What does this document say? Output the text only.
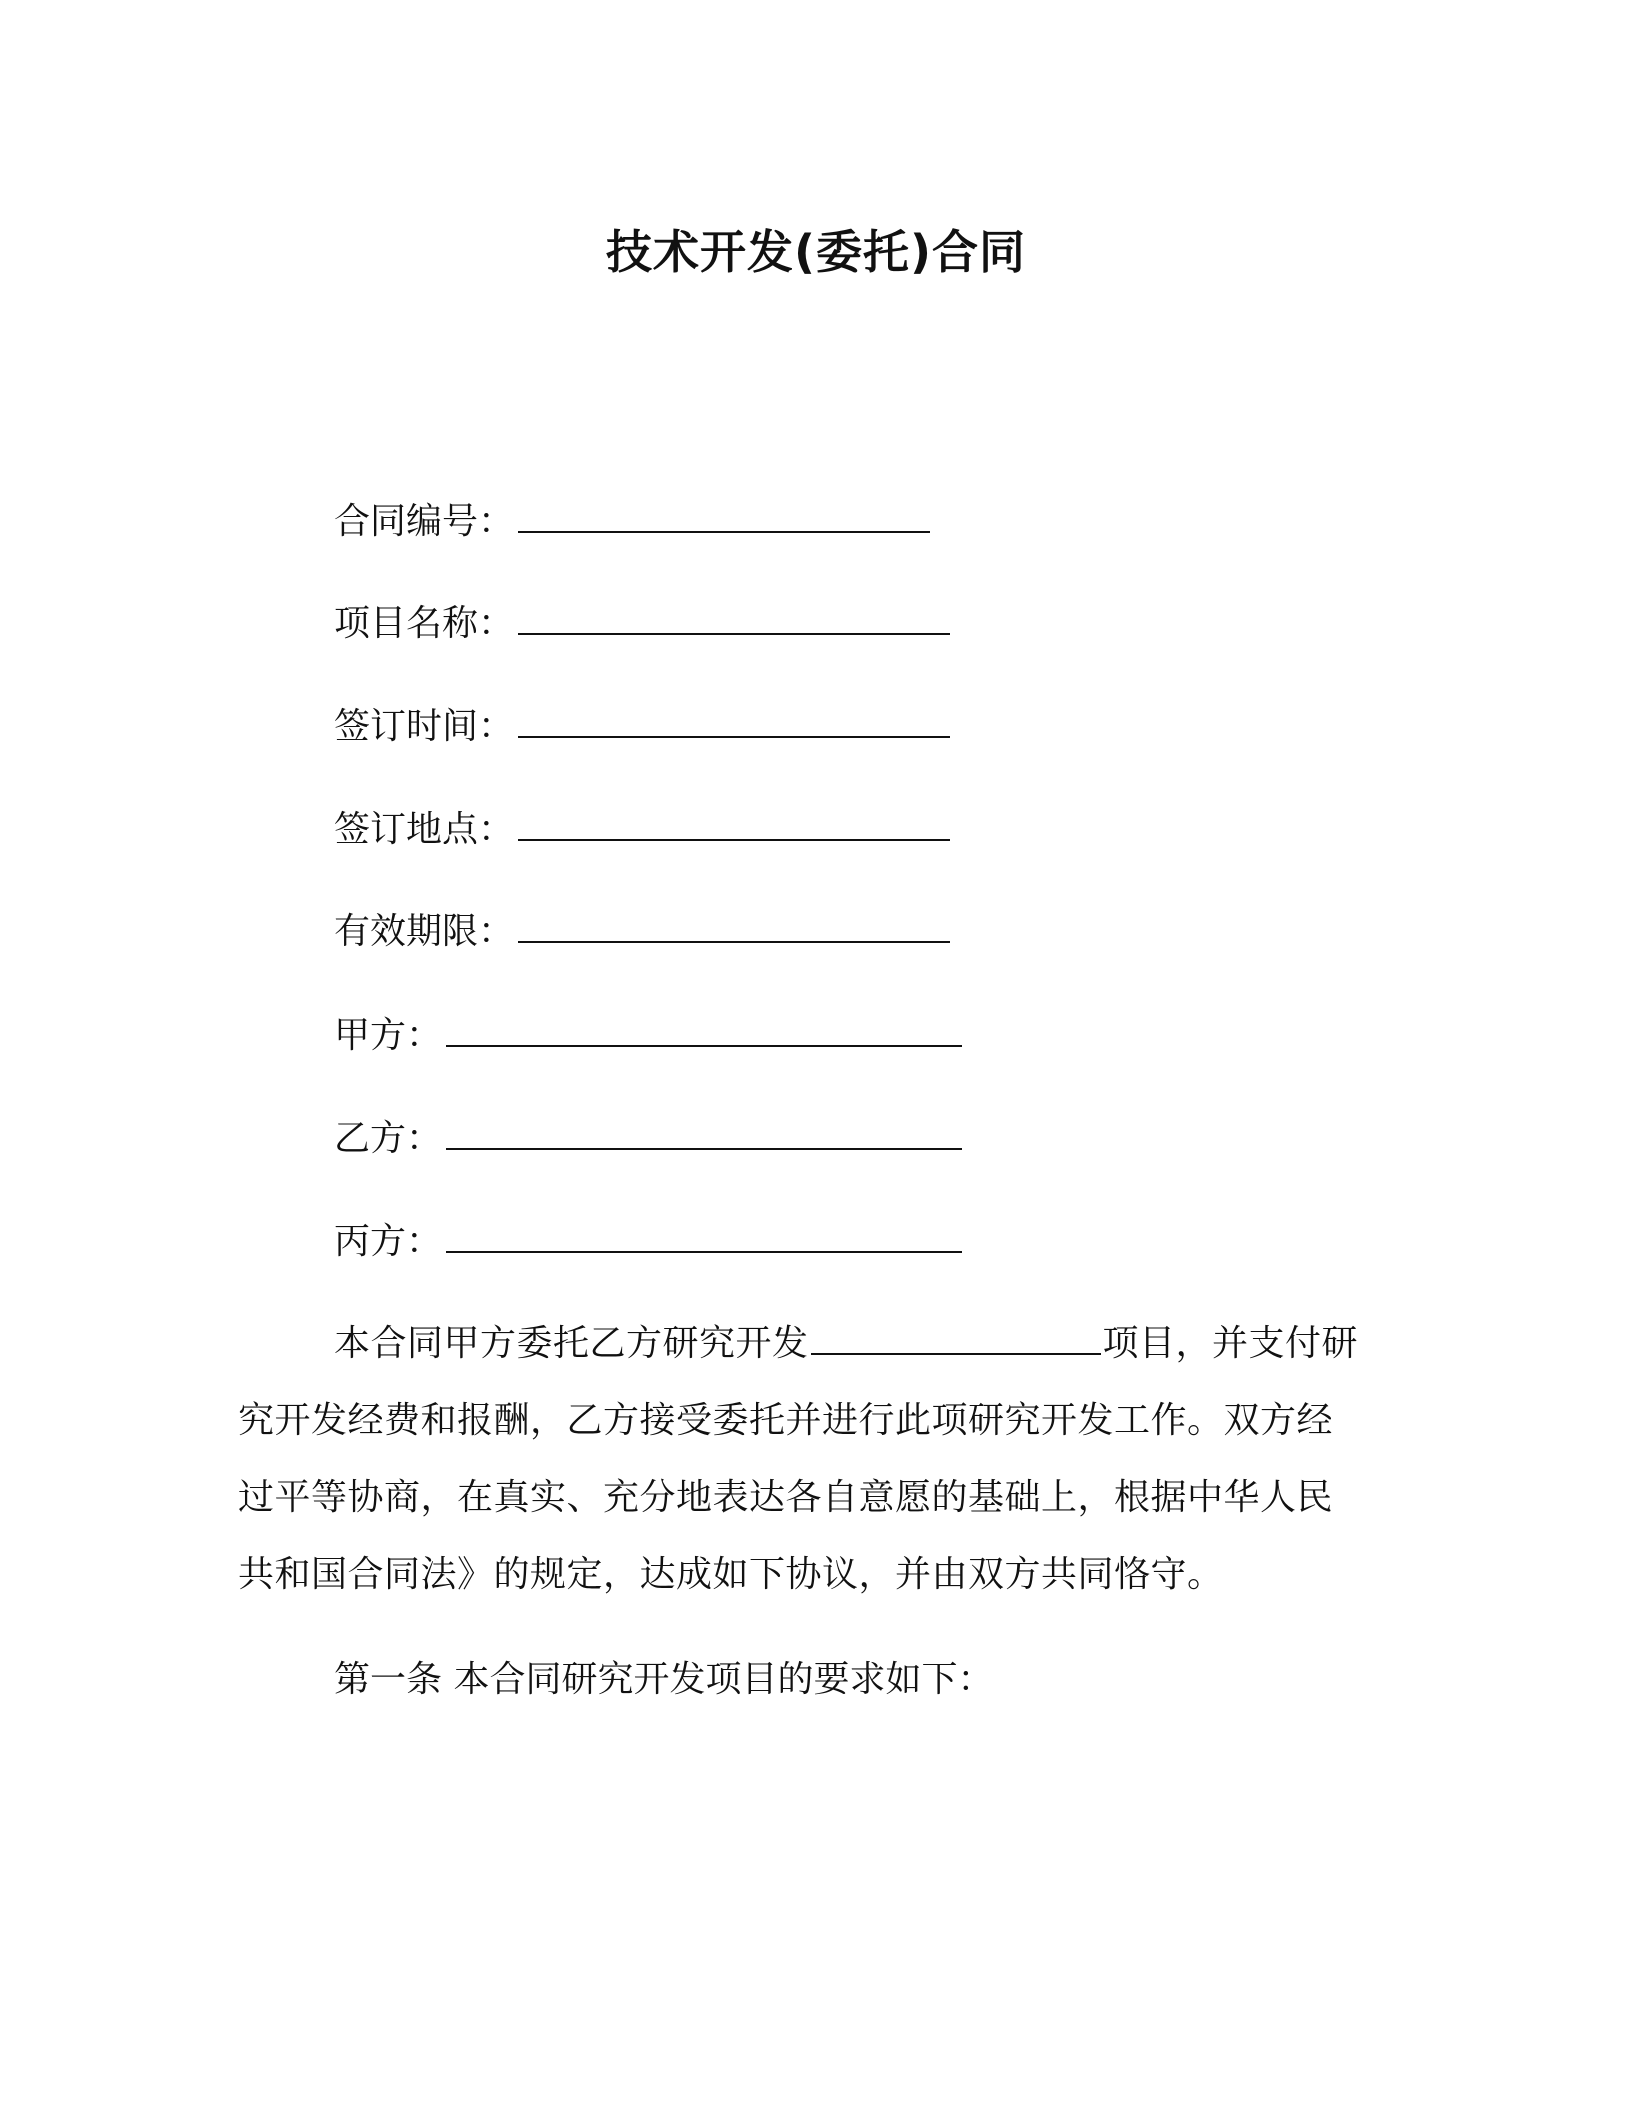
技术开发(委托)合同
合同编号：
项目名称：
签订时间：
签订地点：
有效期限：
甲方：
乙方：
丙方：
本合同甲方委托乙方研究开发	项目，并支付研
究开发经费和报酬，乙方接受委托并进行此项研究开发工作。双方经
过平等协商，在真实、充分地表达各自意愿的基础上，根据中华人民
共和国合同法》的规定，达成如下协议，并由双方共同恪守。
第一条 本合同研究开发项目的要求如下：
